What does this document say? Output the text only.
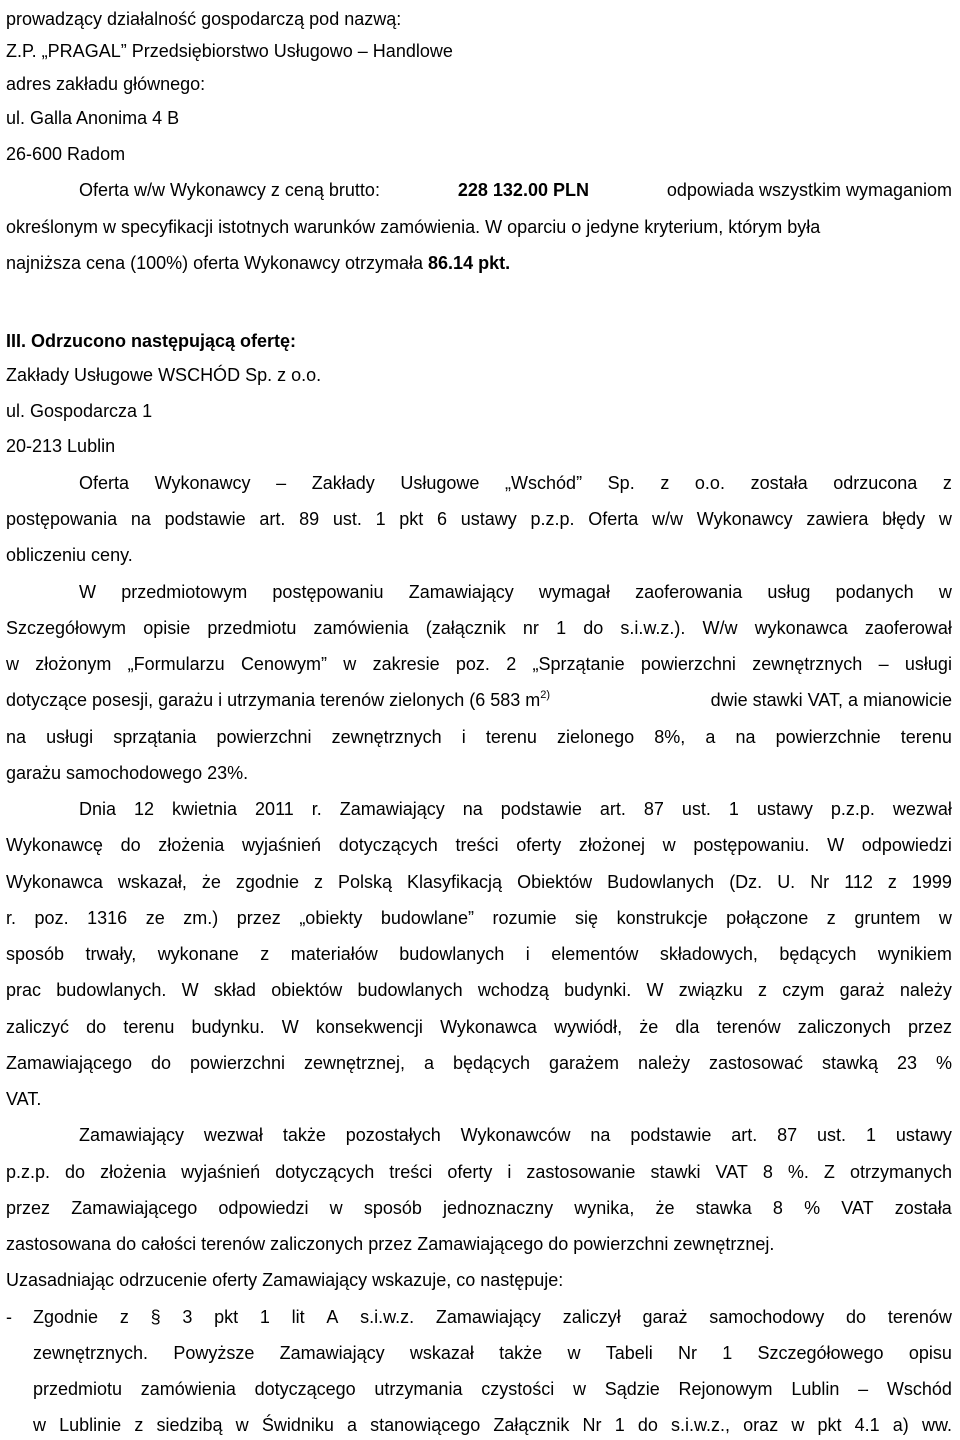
prowadzący działalność gospodarczą pod nazwą:
Z.P. „PRAGAL” Przedsiębiorstwo Usługowo – Handlowe
adres zakładu głównego:
ul. Galla Anonima 4 B
26-600 Radom
Oferta w/w Wykonawcy z ceną brutto:	228 132.00 PLN	odpowiada wszystkim wymaganiom
określonym w specyfikacji istotnych warunków zamówienia. W oparciu o jedyne kryterium, którym była
najniższa cena (100%) oferta Wykonawcy otrzymała 86.14 pkt.
III. Odrzucono następującą ofertę:
Zakłady Usługowe WSCHÓD Sp. z o.o.
ul. Gospodarcza 1
20-213 Lublin
Oferta Wykonawcy – Zakłady Usługowe „Wschód” Sp. z o.o. została odrzucona z
postępowania na podstawie art. 89 ust. 1 pkt 6 ustawy p.z.p. Oferta w/w Wykonawcy zawiera błędy w
obliczeniu ceny.
W przedmiotowym postępowaniu Zamawiający wymagał zaoferowania usług podanych w
Szczegółowym opisie przedmiotu zamówienia (załącznik nr 1 do s.i.w.z.). W/w wykonawca zaoferował
w złożonym „Formularzu Cenowym” w zakresie poz. 2 „Sprzątanie powierzchni zewnętrznych – usługi
dotyczące posesji, garażu i utrzymania terenów zielonych (6 583 $m^{2)}$	dwie stawki VAT, a mianowicie
na usługi sprzątania powierzchni zewnętrznych i terenu zielonego 8%, a na powierzchnie terenu
garażu samochodowego 23%.
Dnia 12 kwietnia 2011 r. Zamawiający na podstawie art. 87 ust. 1 ustawy p.z.p. wezwał
Wykonawcę do złożenia wyjaśnień dotyczących treści oferty złożonej w postępowaniu. W odpowiedzi
Wykonawca wskazał, że zgodnie z Polską Klasyfikacją Obiektów Budowlanych (Dz. U. Nr 112 z 1999
r. poz. 1316 ze zm.) przez „obiekty budowlane” rozumie się konstrukcje połączone z gruntem w
sposób trwały, wykonane z materiałów budowlanych i elementów składowych, będących wynikiem
prac budowlanych. W skład obiektów budowlanych wchodzą budynki. W związku z czym garaż należy
zaliczyć do terenu budynku. W konsekwencji Wykonawca wywiódł, że dla terenów zaliczonych przez
Zamawiającego do powierzchni zewnętrznej, a będących garażem należy zastosować stawką 23 %
VAT.
Zamawiający wezwał także pozostałych Wykonawców na podstawie art. 87 ust. 1 ustawy
p.z.p. do złożenia wyjaśnień dotyczących treści oferty i zastosowanie stawki VAT 8 %. Z otrzymanych
przez Zamawiającego odpowiedzi w sposób jednoznaczny wynika, że stawka 8 % VAT została
zastosowana do całości terenów zaliczonych przez Zamawiającego do powierzchni zewnętrznej.
Uzasadniając odrzucenie oferty Zamawiający wskazuje, co następuje:
-	Zgodnie z § 3 pkt 1 lit A s.i.w.z. Zamawiający zaliczył garaż samochodowy do terenów
zewnętrznych. Powyższe Zamawiający wskazał także w Tabeli Nr 1 Szczegółowego opisu
przedmiotu zamówienia dotyczącego utrzymania czystości w Sądzie Rejonowym Lublin – Wschód
w Lublinie z siedzibą w Świdniku a stanowiącego Załącznik Nr 1 do s.i.w.z., oraz w pkt 4.1 a) ww.
